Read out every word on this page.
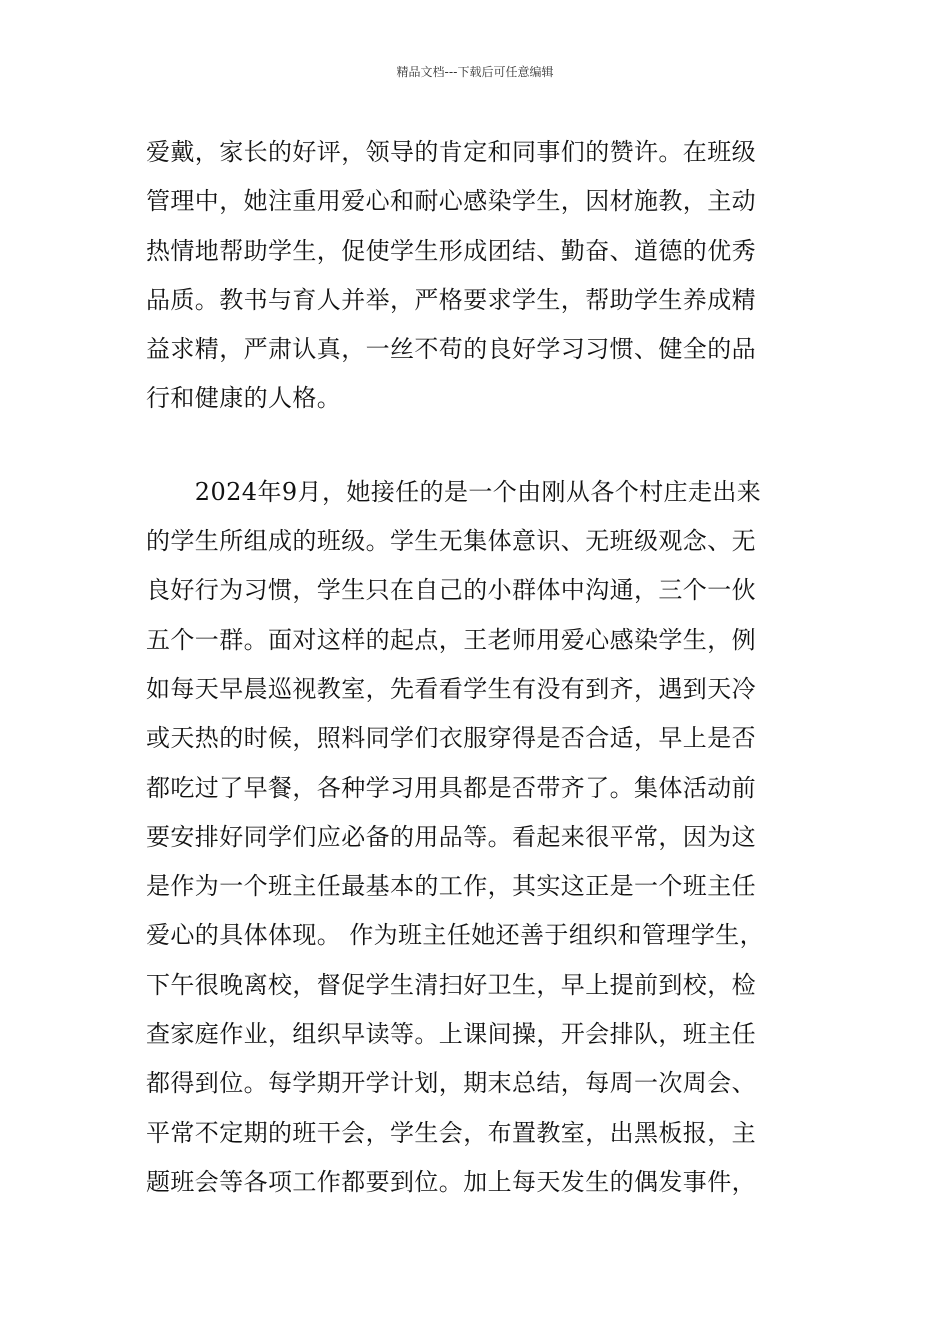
精品文档---下载后可任意编辑
爱戴，家长的好评，领导的肯定和同事们的赞许。在班级
管理中，她注重用爱心和耐心感染学生，因材施教，主动
热情地帮助学生，促使学生形成团结、勤奋、道德的优秀
品质。教书与育人并举，严格要求学生，帮助学生养成精
益求精，严肃认真，一丝不苟的良好学习习惯、健全的品
行和健康的人格。
　　2024年9月，她接任的是一个由刚从各个村庄走出来
的学生所组成的班级。学生无集体意识、无班级观念、无
良好行为习惯，学生只在自己的小群体中沟通，三个一伙
五个一群。面对这样的起点，王老师用爱心感染学生，例
如每天早晨巡视教室，先看看学生有没有到齐，遇到天冷
或天热的时候，照料同学们衣服穿得是否合适，早上是否
都吃过了早餐，各种学习用具都是否带齐了。集体活动前
要安排好同学们应必备的用品等。看起来很平常，因为这
是作为一个班主任最基本的工作，其实这正是一个班主任
爱心的具体体现。 作为班主任她还善于组织和管理学生，
下午很晚离校，督促学生清扫好卫生，早上提前到校，检
查家庭作业，组织早读等。上课间操，开会排队，班主任
都得到位。每学期开学计划，期末总结，每周一次周会、
平常不定期的班干会，学生会，布置教室，出黑板报，主
题班会等各项工作都要到位。加上每天发生的偶发事件，
